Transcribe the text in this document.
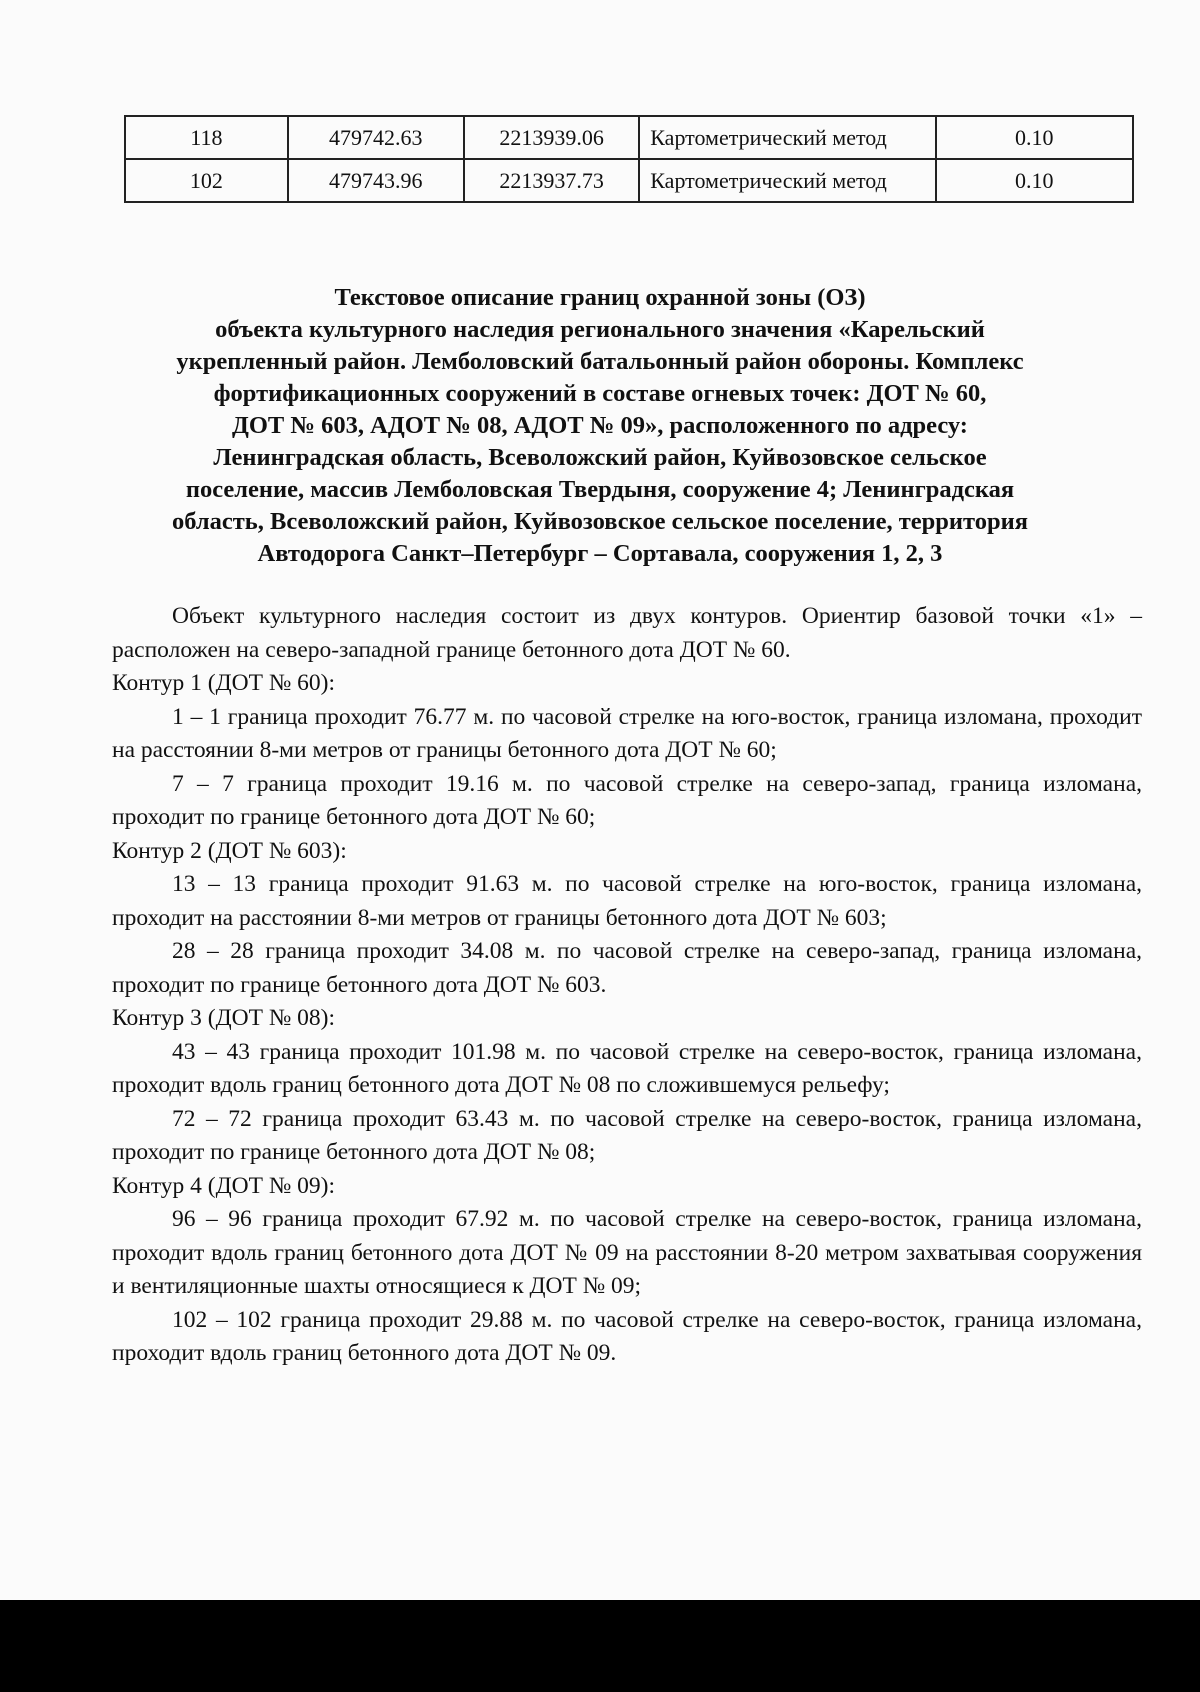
118	479742.63	2213939.06	Картометрический метод	0.10
102	479743.96	2213937.73	Картометрический метод	0.10
Текстовое описание границ охранной зоны (ОЗ)
объекта культурного наследия регионального значения «Карельский
укрепленный район. Лемболовский батальонный район обороны. Комплекс
фортификационных сооружений в составе огневых точек: ДОТ № 60,
ДОТ № 603, АДОТ № 08, АДОТ № 09», расположенного по адресу:
Ленинградская область, Всеволожский район, Куйвозовское сельское
поселение, массив Лемболовская Твердыня, сооружение 4; Ленинградская
область, Всеволожский район, Куйвозовское сельское поселение, территория
Автодорога Санкт–Петербург – Сортавала, сооружения 1, 2, 3

Объект культурного наследия состоит из двух контуров. Ориентир базовой точки «1» – расположен на северо-западной границе бетонного дота ДОТ № 60.

Контур 1 (ДОТ № 60):

1 – 1 граница проходит 76.77 м. по часовой стрелке на юго-восток, граница изломана, проходит на расстоянии 8-ми метров от границы бетонного дота ДОТ № 60;

7 – 7 граница проходит 19.16 м. по часовой стрелке на северо-запад, граница изломана, проходит по границе бетонного дота ДОТ № 60;

Контур 2 (ДОТ № 603):

13 – 13 граница проходит 91.63 м. по часовой стрелке на юго-восток, граница изломана, проходит на расстоянии 8-ми метров от границы бетонного дота ДОТ № 603;

28 – 28 граница проходит 34.08 м. по часовой стрелке на северо-запад, граница изломана, проходит по границе бетонного дота ДОТ № 603.

Контур 3 (ДОТ № 08):

43 – 43 граница проходит 101.98 м. по часовой стрелке на северо-восток, граница изломана, проходит вдоль границ бетонного дота ДОТ № 08 по сложившемуся рельефу;

72 – 72 граница проходит 63.43 м. по часовой стрелке на северо-восток, граница изломана, проходит по границе бетонного дота ДОТ № 08;

Контур 4 (ДОТ № 09):

96 – 96 граница проходит 67.92 м. по часовой стрелке на северо-восток, граница изломана, проходит вдоль границ бетонного дота ДОТ № 09 на расстоянии 8-20 метром захватывая сооружения и вентиляционные шахты относящиеся к ДОТ № 09;

102 – 102 граница проходит 29.88 м. по часовой стрелке на северо-восток, граница изломана, проходит вдоль границ бетонного дота ДОТ № 09.
